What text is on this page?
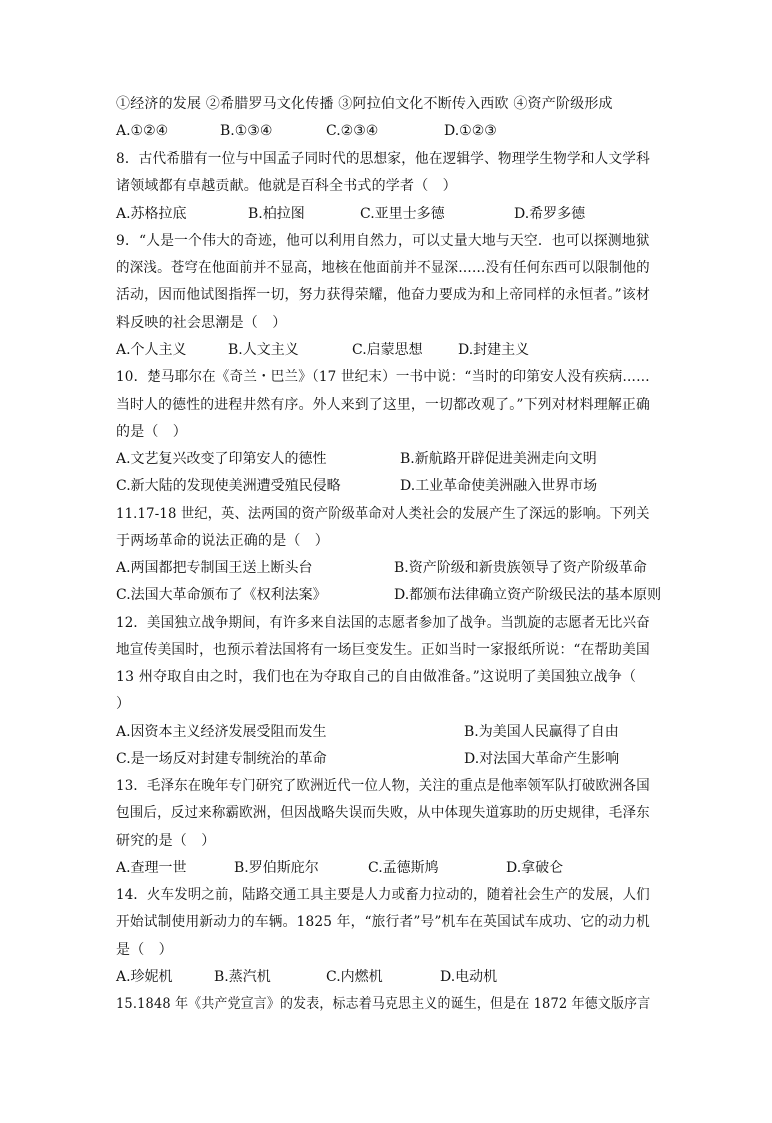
①经济的发展 ②希腊罗马文化传播 ③阿拉伯文化不断传入西欧 ④资产阶级形成
A.①②④	B.①③④	C.②③④	D.①②③
8．古代希腊有一位与中国孟子同时代的思想家，他在逻辑学、物理学生物学和人文学科
诸领域都有卓越贡献。他就是百科全书式的学者（　）
A.苏格拉底	B.柏拉图	C.亚里士多德	D.希罗多德
9．“人是一个伟大的奇迹，他可以利用自然力，可以丈量大地与天空．也可以探测地狱
的深浅。苍穹在他面前并不显高，地核在他面前并不显深……没有任何东西可以限制他的
活动，因而他试图指挥一切，努力获得荣耀，他奋力要成为和上帝同样的永恒者。”该材
料反映的社会思潮是（　）
A.个人主义	B.人文主义	C.启蒙思想	D.封建主义
10．楚马耶尔在《奇兰・巴兰》（17 世纪末）一书中说：“当时的印第安人没有疾病……
当时人的德性的进程井然有序。外人来到了这里，一切都改观了。”下列对材料理解正确
的是（　）
A.文艺复兴改变了印第安人的德性	B.新航路开辟促进美洲走向文明
C.新大陆的发现使美洲遭受殖民侵略	D.工业革命使美洲融入世界市场
11.17-18 世纪，英、法两国的资产阶级革命对人类社会的发展产生了深远的影响。下列关
于两场革命的说法正确的是（　）
A.两国都把专制国王送上断头台	B.资产阶级和新贵族领导了资产阶级革命
C.法国大革命颁布了《权利法案》	D.都颁布法律确立资产阶级民法的基本原则
12．美国独立战争期间，有许多来自法国的志愿者参加了战争。当凯旋的志愿者无比兴奋
地宣传美国时，也预示着法国将有一场巨变发生。正如当时一家报纸所说：“在帮助美国
13 州夺取自由之时，我们也在为夺取自己的自由做准备。”这说明了美国独立战争（
）
A.因资本主义经济发展受阻而发生	B.为美国人民赢得了自由
C.是一场反对封建专制统治的革命	D.对法国大革命产生影响
13．毛泽东在晚年专门研究了欧洲近代一位人物，关注的重点是他率领军队打破欧洲各国
包围后，反过来称霸欧洲，但因战略失误而失败，从中体现失道寡助的历史规律，毛泽东
研究的是（　）
A.查理一世	B.罗伯斯庇尔	C.孟德斯鸠	D.拿破仑
14．火车发明之前，陆路交通工具主要是人力或畜力拉动的，随着社会生产的发展，人们
开始试制使用新动力的车辆。1825 年，“旅行者”号”机车在英国试车成功、它的动力机
是（　）
A.珍妮机	B.蒸汽机	C.内燃机	D.电动机
15.1848 年《共产党宣言》的发表，标志着马克思主义的诞生，但是在 1872 年德文版序言
